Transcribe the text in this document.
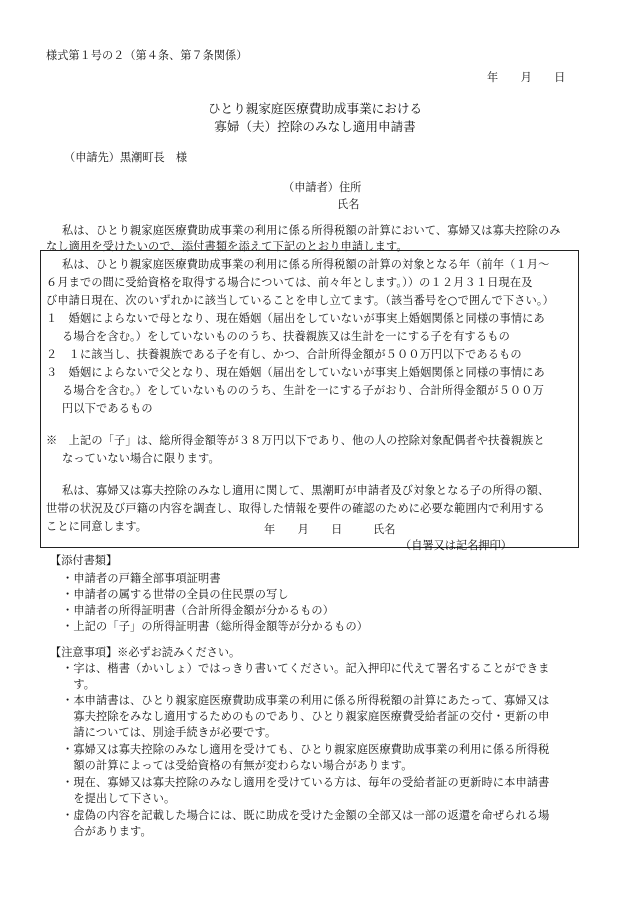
様式第１号の２（第４条、第７条関係）
年　　月　　日
ひとり親家庭医療費助成事業における
寡婦（夫）控除のみなし適用申請書
（申請先）黒潮町長　様
（申請者）住所
氏名
私は、ひとり親家庭医療費助成事業の利用に係る所得税額の計算において、寡婦又は寡夫控除のみ
なし適用を受けたいので、添付書類を添えて下記のとおり申請します。
私は、ひとり親家庭医療費助成事業の利用に係る所得税額の計算の対象となる年（前年（１月～
６月までの間に受給資格を取得する場合については、前々年とします。））の１２月３１日現在及
び申請日現在、次のいずれかに該当していることを申し立てます。（該当番号を○で囲んで下さい。）
１　婚姻によらないで母となり、現在婚姻（届出をしていないが事実上婚姻関係と同様の事情にあ
る場合を含む。）をしていないもののうち、扶養親族又は生計を一にする子を有するもの
２　１に該当し、扶養親族である子を有し、かつ、合計所得金額が５００万円以下であるもの
３　婚姻によらないで父となり、現在婚姻（届出をしていないが事実上婚姻関係と同様の事情にあ
る場合を含む。）をしていないもののうち、生計を一にする子がおり、合計所得金額が５００万
円以下であるもの
※　上記の「子」は、総所得金額等が３８万円以下であり、他の人の控除対象配偶者や扶養親族と
なっていない場合に限ります。
私は、寡婦又は寡夫控除のみなし適用に関して、黒潮町が申請者及び対象となる子の所得の額、
世帯の状況及び戸籍の内容を調査し、取得した情報を要件の確認のために必要な範囲内で利用する
ことに同意します。	年　　月　　日	氏名
（自署又は記名押印）
【添付書類】
・申請者の戸籍全部事項証明書
・申請者の属する世帯の全員の住民票の写し
・申請者の所得証明書（合計所得金額が分かるもの）
・上記の「子」の所得証明書（総所得金額等が分かるもの）
【注意事項】※必ずお読みください。
・字は、楷書（かいしょ）ではっきり書いてください。記入押印に代えて署名することができま
　す。
・本申請書は、ひとり親家庭医療費助成事業の利用に係る所得税額の計算にあたって、寡婦又は
　寡夫控除をみなし適用するためのものであり、ひとり親家庭医療費受給者証の交付・更新の申
　請については、別途手続きが必要です。
・寡婦又は寡夫控除のみなし適用を受けても、ひとり親家庭医療費助成事業の利用に係る所得税
　額の計算によっては受給資格の有無が変わらない場合があります。
・現在、寡婦又は寡夫控除のみなし適用を受けている方は、毎年の受給者証の更新時に本申請書
　を提出して下さい。
・虚偽の内容を記載した場合には、既に助成を受けた金額の全部又は一部の返還を命ぜられる場
　合があります。
